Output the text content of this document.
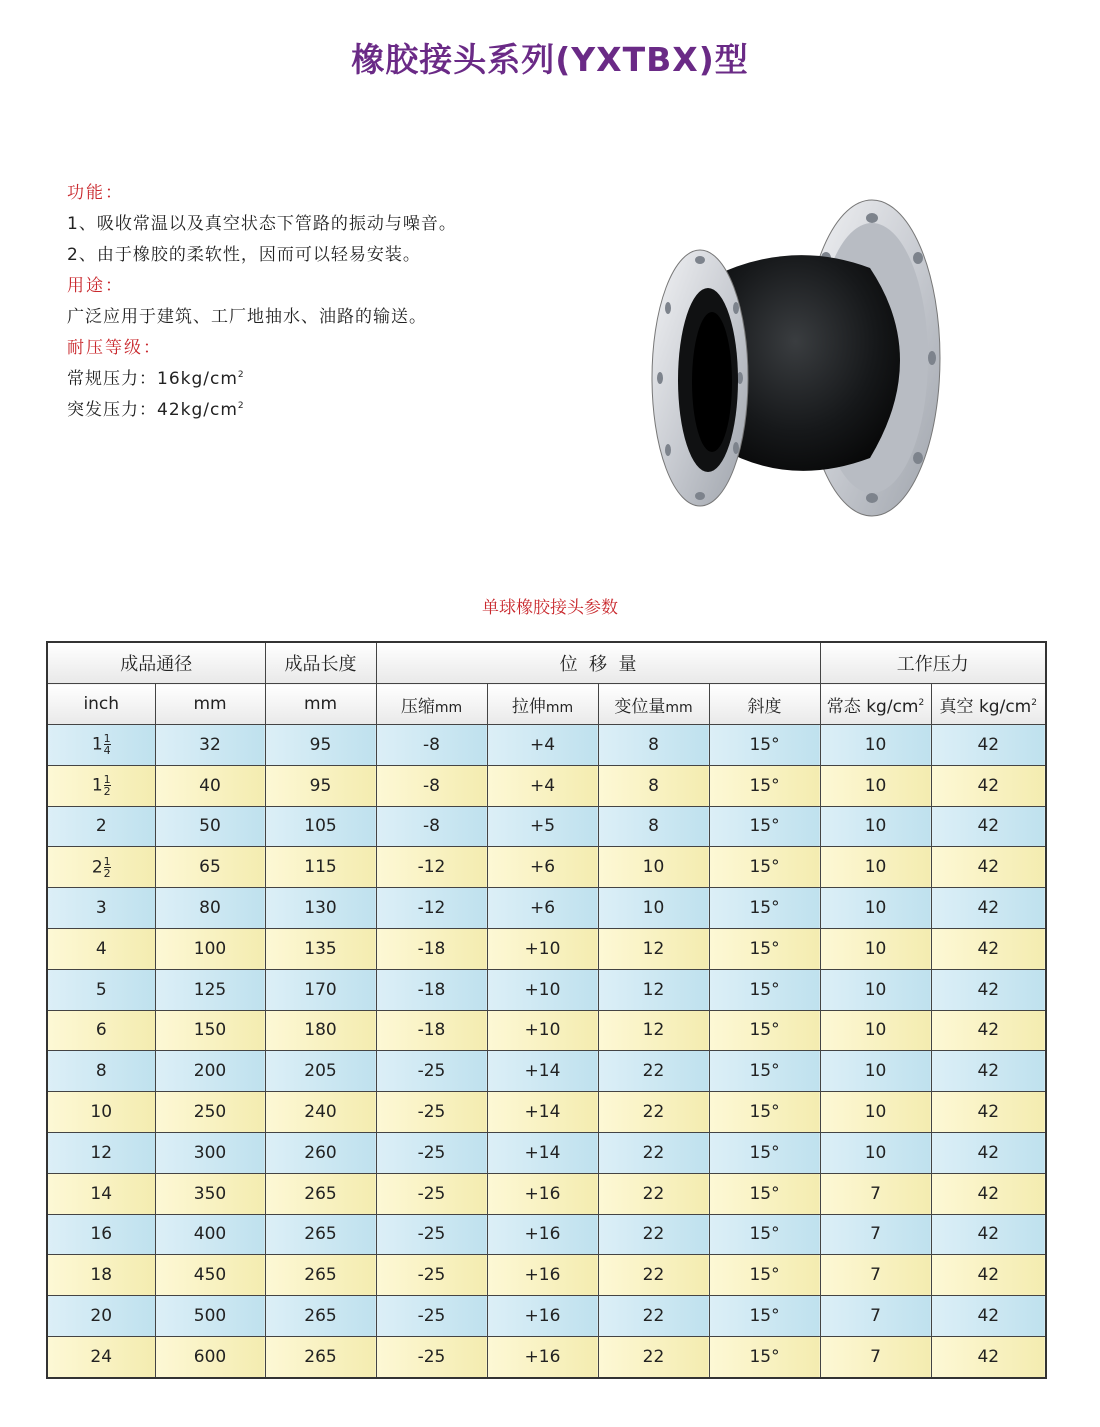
橡胶接头系列(YXTBX)型
功能：
1、吸收常温以及真空状态下管路的振动与噪音。
2、由于橡胶的柔软性，因而可以轻易安装。
用途：
广泛应用于建筑、工厂地抽水、油路的输送。
耐压等级：
常规压力：$16kg/cm^2$
突发压力：$42kg/cm^2$
单球橡胶接头参数
成品通径		成品长度	位  移  量				工作压力	
inch	mm	mm	压缩mm	拉伸mm	变位量mm	斜度	常态 $kg/cm^2$	真空 $kg/cm^2$
$1 \frac{1}{4}$	32	95	-8	+4	8	15°	10	42
$1 \frac{1}{2}$	40	95	-8	+4	8	15°	10	42
2	50	105	-8	+5	8	15°	10	42
$2 \frac{1}{2}$	65	115	-12	+6	10	15°	10	42
3	80	130	-12	+6	10	15°	10	42
4	100	135	-18	+10	12	15°	10	42
5	125	170	-18	+10	12	15°	10	42
6	150	180	-18	+10	12	15°	10	42
8	200	205	-25	+14	22	15°	10	42
10	250	240	-25	+14	22	15°	10	42
12	300	260	-25	+14	22	15°	10	42
14	350	265	-25	+16	22	15°	7	42
16	400	265	-25	+16	22	15°	7	42
18	450	265	-25	+16	22	15°	7	42
20	500	265	-25	+16	22	15°	7	42
24	600	265	-25	+16	22	15°	7	42
